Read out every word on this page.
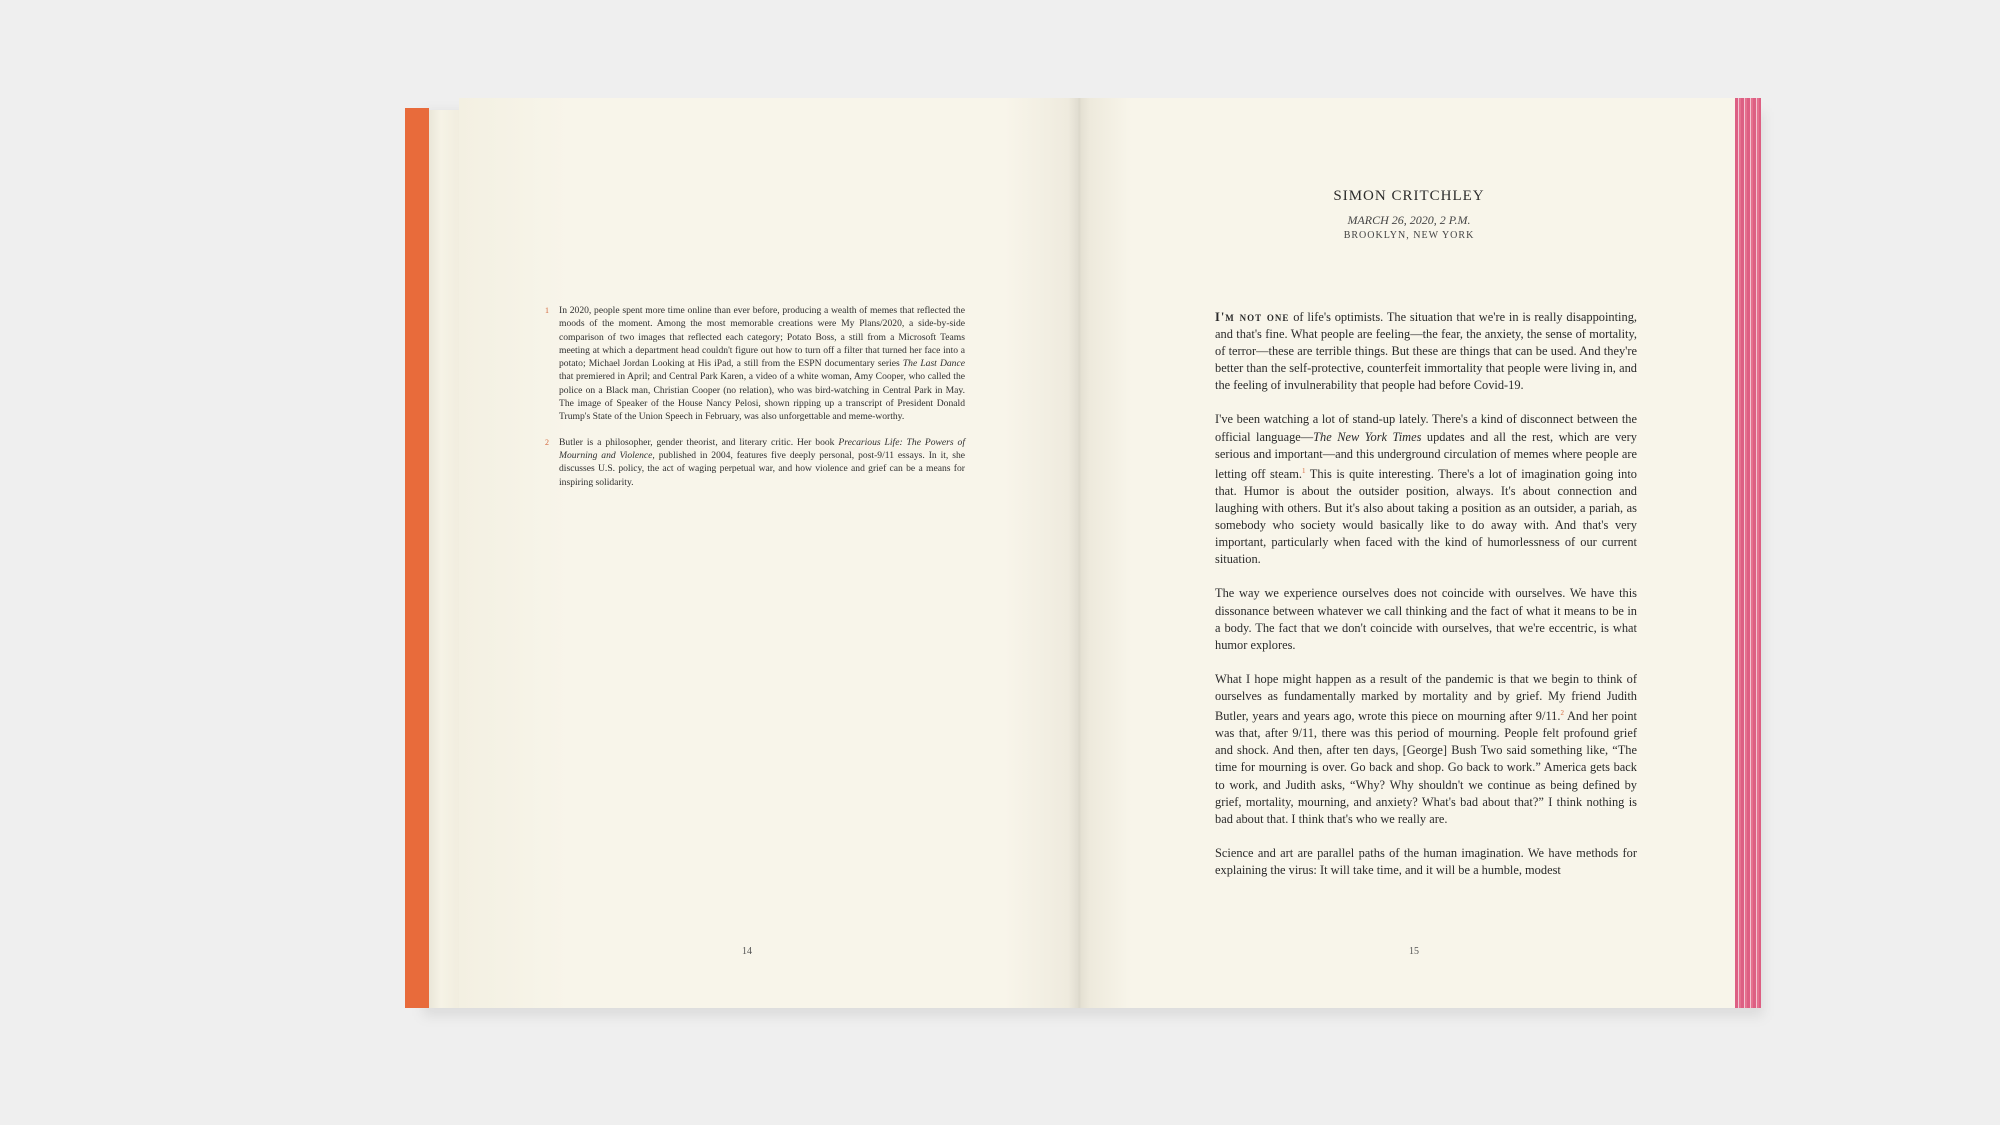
1 In 2020, people spent more time online than ever before, producing a wealth of memes that reflected the moods of the moment. Among the most memorable creations were My Plans/2020, a side-by-side comparison of two images that reflected each category; Potato Boss, a still from a Microsoft Teams meeting at which a department head couldn't figure out how to turn off a filter that turned her face into a potato; Michael Jordan Looking at His iPad, a still from the ESPN documentary series The Last Dance that premiered in April; and Central Park Karen, a video of a white woman, Amy Cooper, who called the police on a Black man, Christian Cooper (no relation), who was bird-watching in Central Park in May. The image of Speaker of the House Nancy Pelosi, shown ripping up a transcript of President Donald Trump's State of the Union Speech in February, was also unforgettable and meme-worthy.
2 Butler is a philosopher, gender theorist, and literary critic. Her book Precarious Life: The Powers of Mourning and Violence, published in 2004, features five deeply personal, post-9/11 essays. In it, she discusses U.S. policy, the act of waging perpetual war, and how violence and grief can be a means for inspiring solidarity.
14
SIMON CRITCHLEY
MARCH 26, 2020, 2 P.M.
BROOKLYN, NEW YORK

I'm not one of life's optimists. The situation that we're in is really disappointing, and that's fine. What people are feeling—the fear, the anxiety, the sense of mortality, of terror—these are terrible things. But these are things that can be used. And they're better than the self-protective, counterfeit immortality that people were living in, and the feeling of invulnerability that people had before Covid-19.

I've been watching a lot of stand-up lately. There's a kind of disconnect between the official language—The New York Times updates and all the rest, which are very serious and important—and this underground circulation of memes where people are letting off steam.$^1$ This is quite interesting. There's a lot of imagination going into that. Humor is about the outsider position, always. It's about connection and laughing with others. But it's also about taking a position as an outsider, a pariah, as somebody who society would basically like to do away with. And that's very important, particularly when faced with the kind of humorlessness of our current situation.

The way we experience ourselves does not coincide with ourselves. We have this dissonance between whatever we call thinking and the fact of what it means to be in a body. The fact that we don't coincide with ourselves, that we're eccentric, is what humor explores.

What I hope might happen as a result of the pandemic is that we begin to think of ourselves as fundamentally marked by mortality and by grief. My friend Judith Butler, years and years ago, wrote this piece on mourning after 9/11.$^2$ And her point was that, after 9/11, there was this period of mourning. People felt profound grief and shock. And then, after ten days, [George] Bush Two said something like, “The time for mourning is over. Go back and shop. Go back to work.” America gets back to work, and Judith asks, “Why? Why shouldn't we continue as being defined by grief, mortality, mourning, and anxiety? What's bad about that?” I think nothing is bad about that. I think that's who we really are.

Science and art are parallel paths of the human imagination. We have methods for explaining the virus: It will take time, and it will be a humble, modest

15
